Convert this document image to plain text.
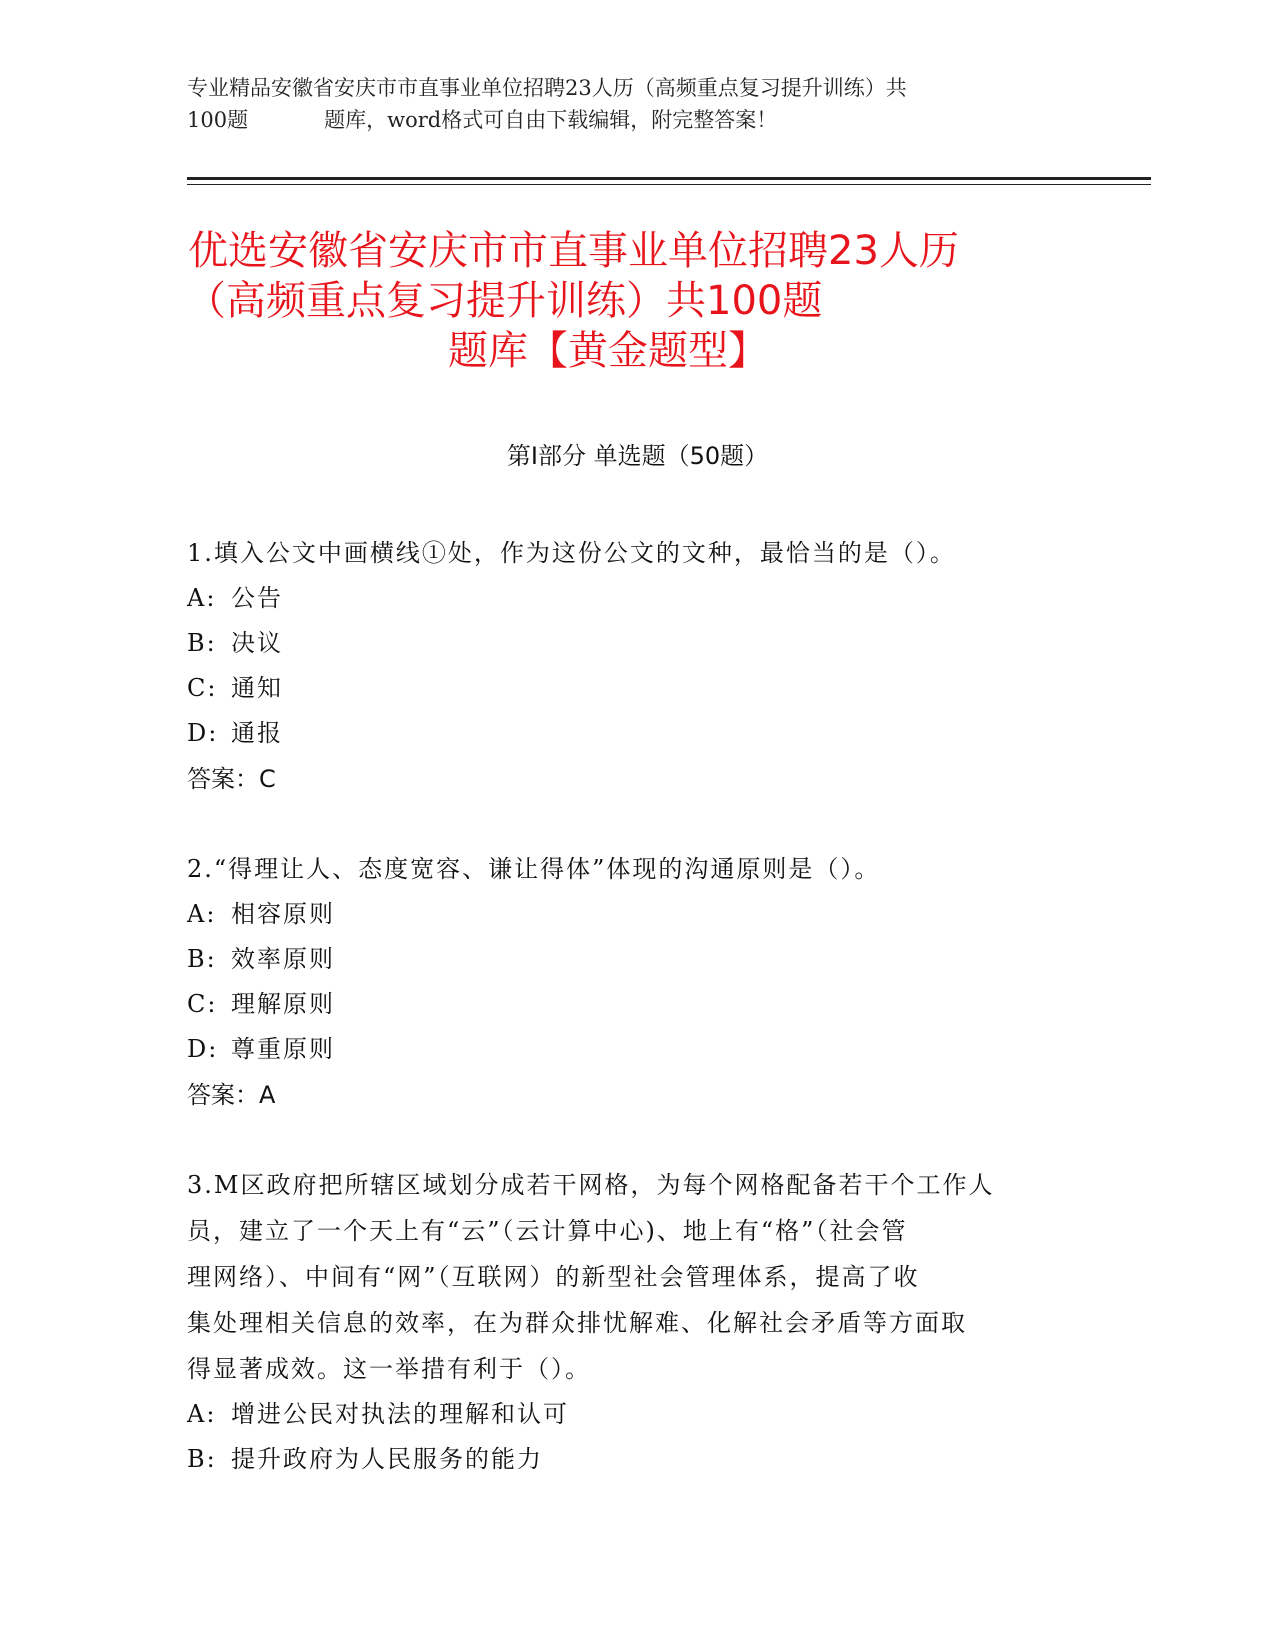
专业精品安徽省安庆市市直事业单位招聘23人历（高频重点复习提升训练）共
100题	题库，word格式可自由下载编辑，附完整答案！
优选安徽省安庆市市直事业单位招聘23人历
（高频重点复习提升训练）共100题
题库【黄金题型】
第Ⅰ部分 单选题（50题）
1.填入公文中画横线①处，作为这份公文的文种，最恰当的是（）。
A: 公告
B: 决议
C: 通知
D: 通报
答案：C
2.“得理让人、态度宽容、谦让得体”体现的沟通原则是（）。
A: 相容原则
B: 效率原则
C: 理解原则
D: 尊重原则
答案：A
3.M区政府把所辖区域划分成若干网格，为每个网格配备若干个工作人
员，建立了一个天上有“云”（云计算中心)、地上有“格”（社会管
理网络）、中间有“网”（互联网）的新型社会管理体系，提高了收
集处理相关信息的效率，在为群众排忧解难、化解社会矛盾等方面取
得显著成效。这一举措有利于（）。
A: 增进公民对执法的理解和认可
B: 提升政府为人民服务的能力
